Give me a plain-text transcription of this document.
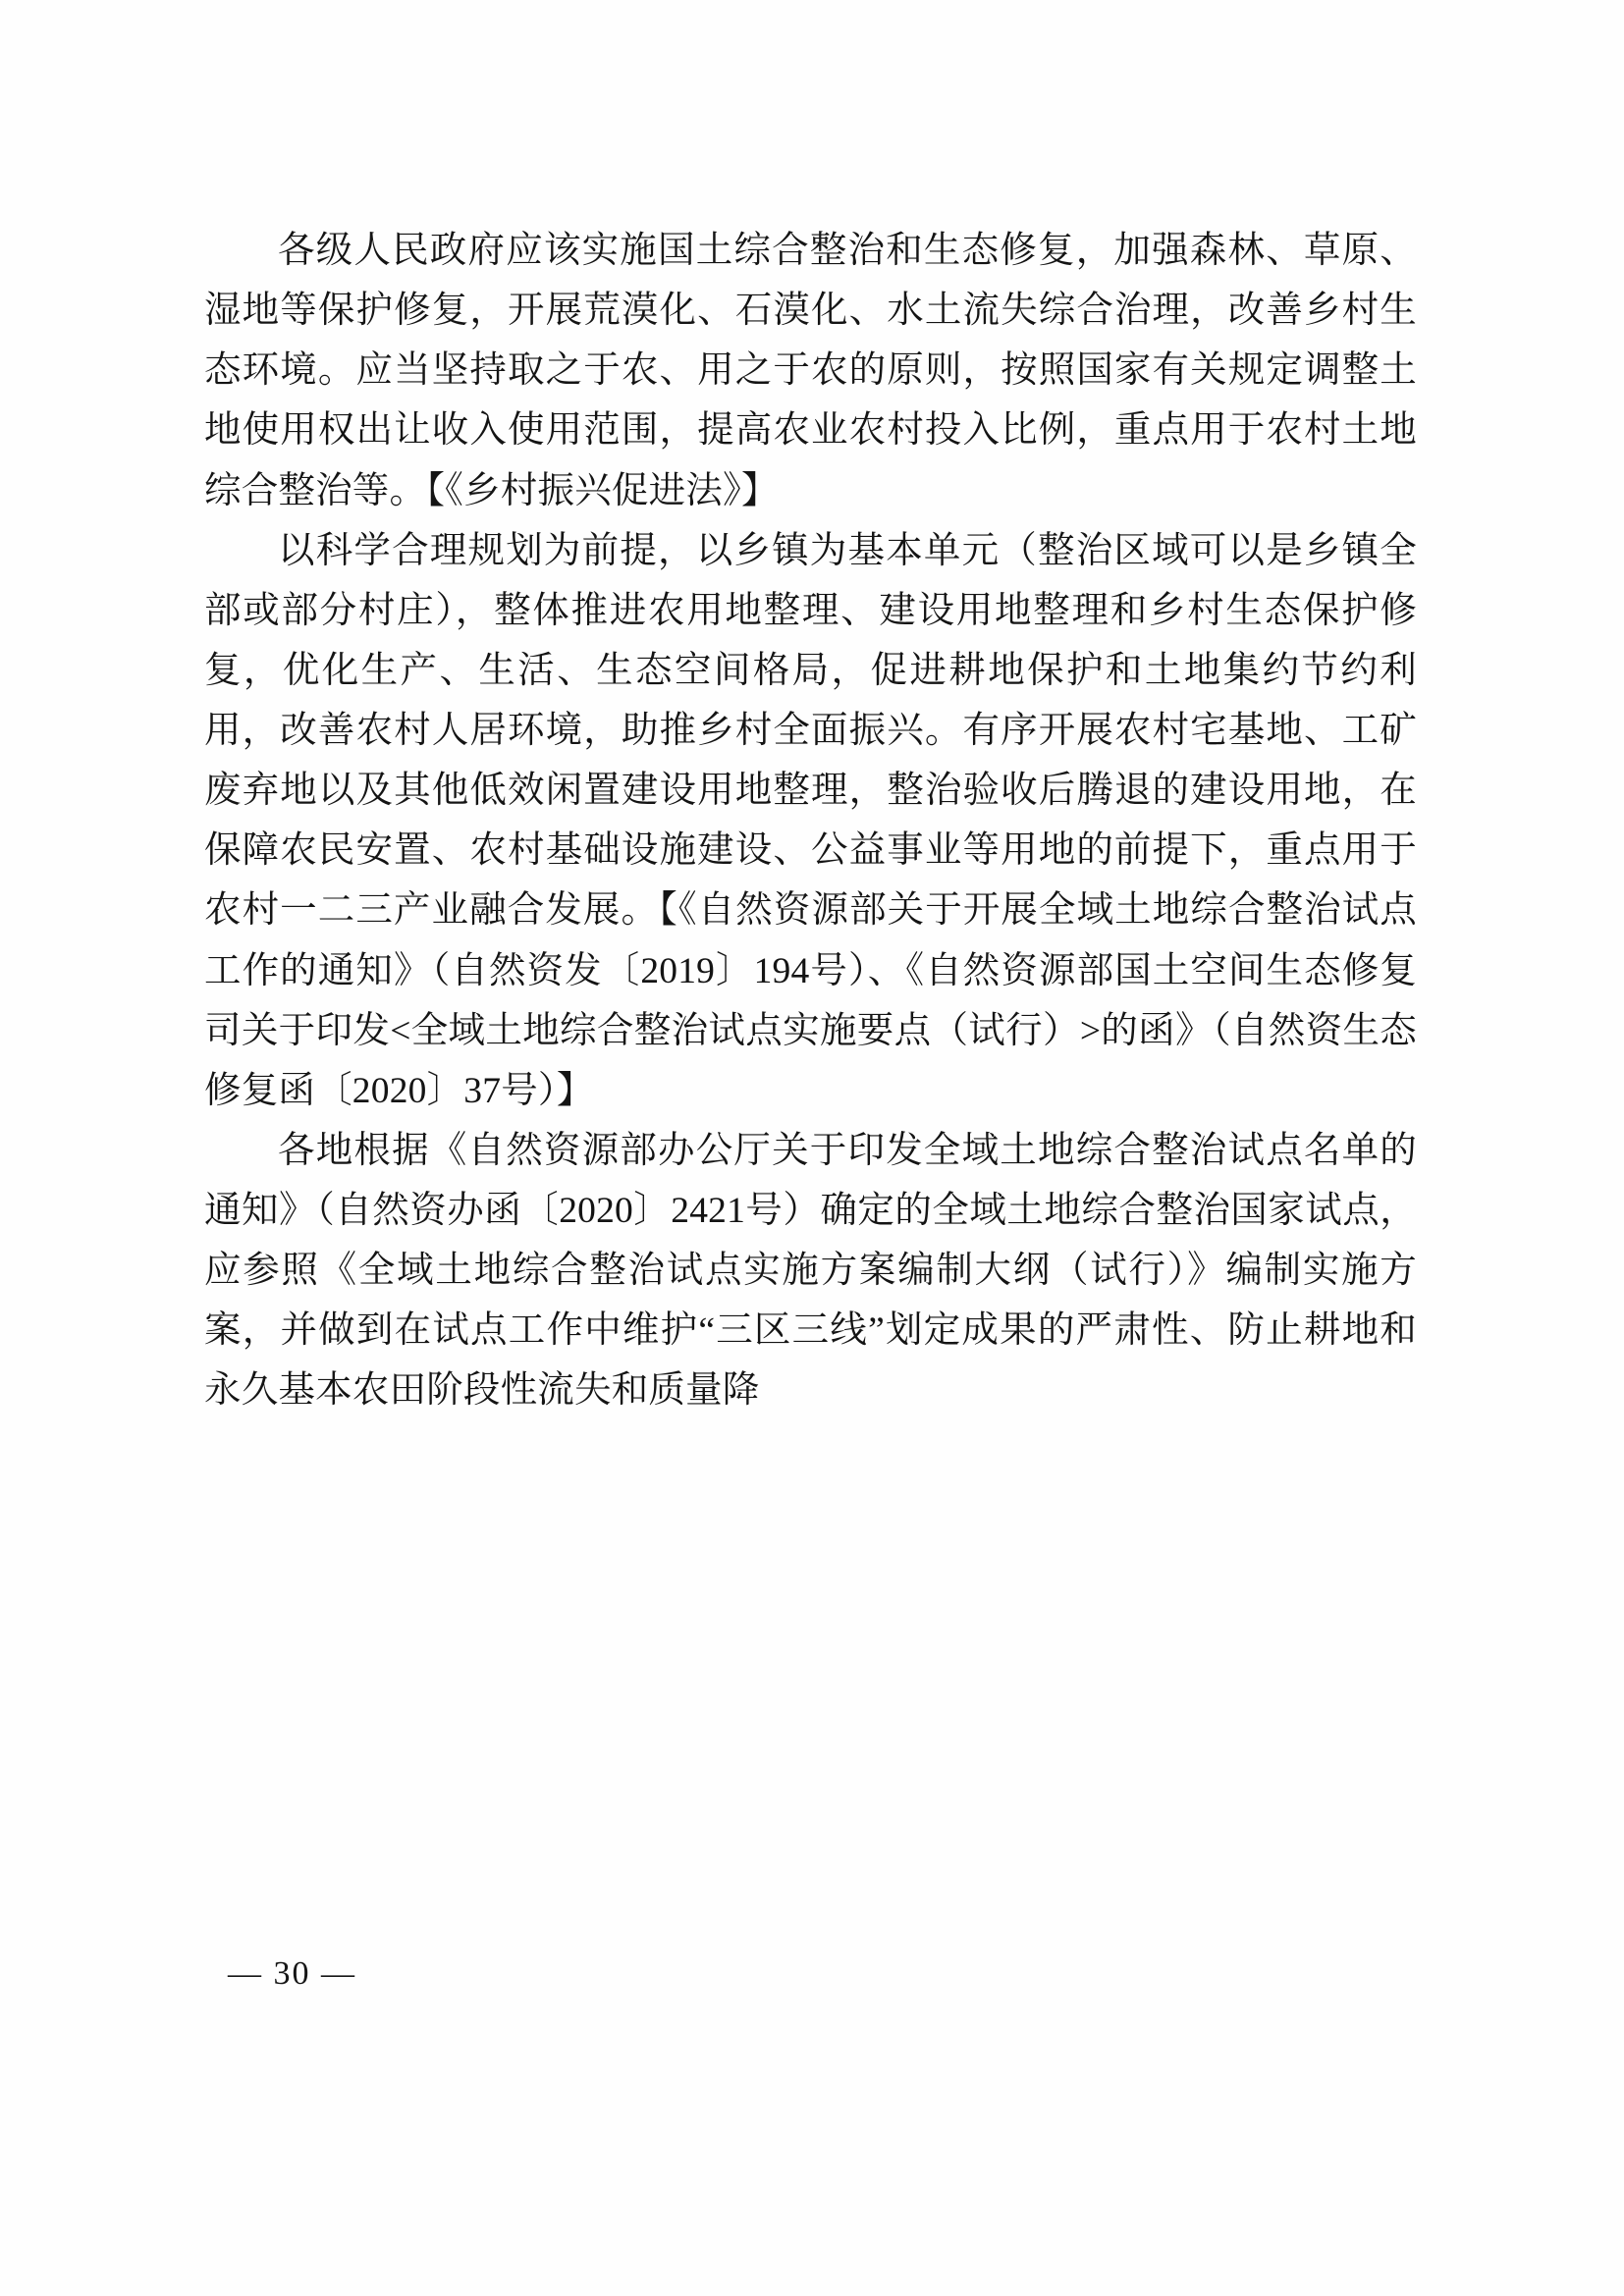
各级人民政府应该实施国土综合整治和生态修复，加强森林、草原、湿地等保护修复，开展荒漠化、石漠化、水土流失综合治理，改善乡村生态环境。应当坚持取之于农、用之于农的原则，按照国家有关规定调整土地使用权出让收入使用范围，提高农业农村投入比例，重点用于农村土地综合整治等。【《乡村振兴促进法》】

以科学合理规划为前提，以乡镇为基本单元（整治区域可以是乡镇全部或部分村庄），整体推进农用地整理、建设用地整理和乡村生态保护修复，优化生产、生活、生态空间格局，促进耕地保护和土地集约节约利用，改善农村人居环境，助推乡村全面振兴。有序开展农村宅基地、工矿废弃地以及其他低效闲置建设用地整理，整治验收后腾退的建设用地，在保障农民安置、农村基础设施建设、公益事业等用地的前提下，重点用于农村一二三产业融合发展。【《自然资源部关于开展全域土地综合整治试点工作的通知》（自然资发〔2019〕194号）、《自然资源部国土空间生态修复司关于印发<全域土地综合整治试点实施要点（试行）>的函》（自然资生态修复函〔2020〕37号）】

各地根据《自然资源部办公厅关于印发全域土地综合整治试点名单的通知》（自然资办函〔2020〕2421号）确定的全域土地综合整治国家试点，应参照《全域土地综合整治试点实施方案编制大纲（试行）》编制实施方案，并做到在试点工作中维护“三区三线”划定成果的严肃性、防止耕地和永久基本农田阶段性流失和质量降

— 30 —
